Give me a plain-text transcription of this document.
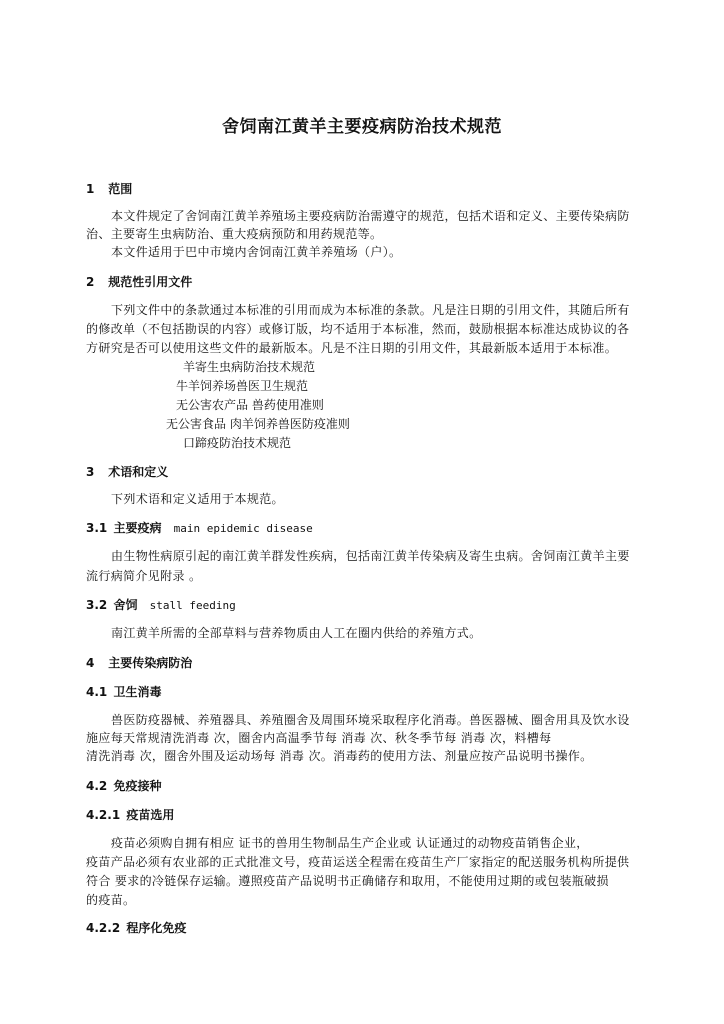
舍饲南江黄羊主要疫病防治技术规范
1 范围
本文件规定了舍饲南江黄羊养殖场主要疫病防治需遵守的规范，包括术语和定义、主要传染病防
治、主要寄生虫病防治、重大疫病预防和用药规范等。
本文件适用于巴中市境内舍饲南江黄羊养殖场（户）。
2 规范性引用文件
下列文件中的条款通过本标准的引用而成为本标准的条款。凡是注日期的引用文件，其随后所有
的修改单（不包括勘误的内容）或修订版，均不适用于本标准，然而，鼓励根据本标准达成协议的各
方研究是否可以使用这些文件的最新版本。凡是不注日期的引用文件，其最新版本适用于本标准。
羊寄生虫病防治技术规范
牛羊饲养场兽医卫生规范
无公害农产品 兽药使用准则
无公害食品 肉羊饲养兽医防疫准则
口蹄疫防治技术规范
3 术语和定义
下列术语和定义适用于本规范。
3.1 主要疫病 main epidemic disease
由生物性病原引起的南江黄羊群发性疾病，包括南江黄羊传染病及寄生虫病。舍饲南江黄羊主要
流行病简介见附录 。
3.2 舍饲 stall feeding
南江黄羊所需的全部草料与营养物质由人工在圈内供给的养殖方式。
4 主要传染病防治
4.1 卫生消毒
兽医防疫器械、养殖器具、养殖圈舍及周围环境采取程序化消毒。兽医器械、圈舍用具及饮水设
施应每天常规清洗消毒 次，圈舍内高温季节每 消毒 次、秋冬季节每 消毒 次，料槽每
清洗消毒 次，圈舍外围及运动场每 消毒 次。消毒药的使用方法、剂量应按产品说明书操作。
4.2 免疫接种
4.2.1 疫苗选用
疫苗必须购自拥有相应 证书的兽用生物制品生产企业或 认证通过的动物疫苗销售企业，
疫苗产品必须有农业部的正式批准文号，疫苗运送全程需在疫苗生产厂家指定的配送服务机构所提供
符合 要求的冷链保存运输。遵照疫苗产品说明书正确储存和取用，不能使用过期的或包装瓶破损
的疫苗。
4.2.2 程序化免疫
